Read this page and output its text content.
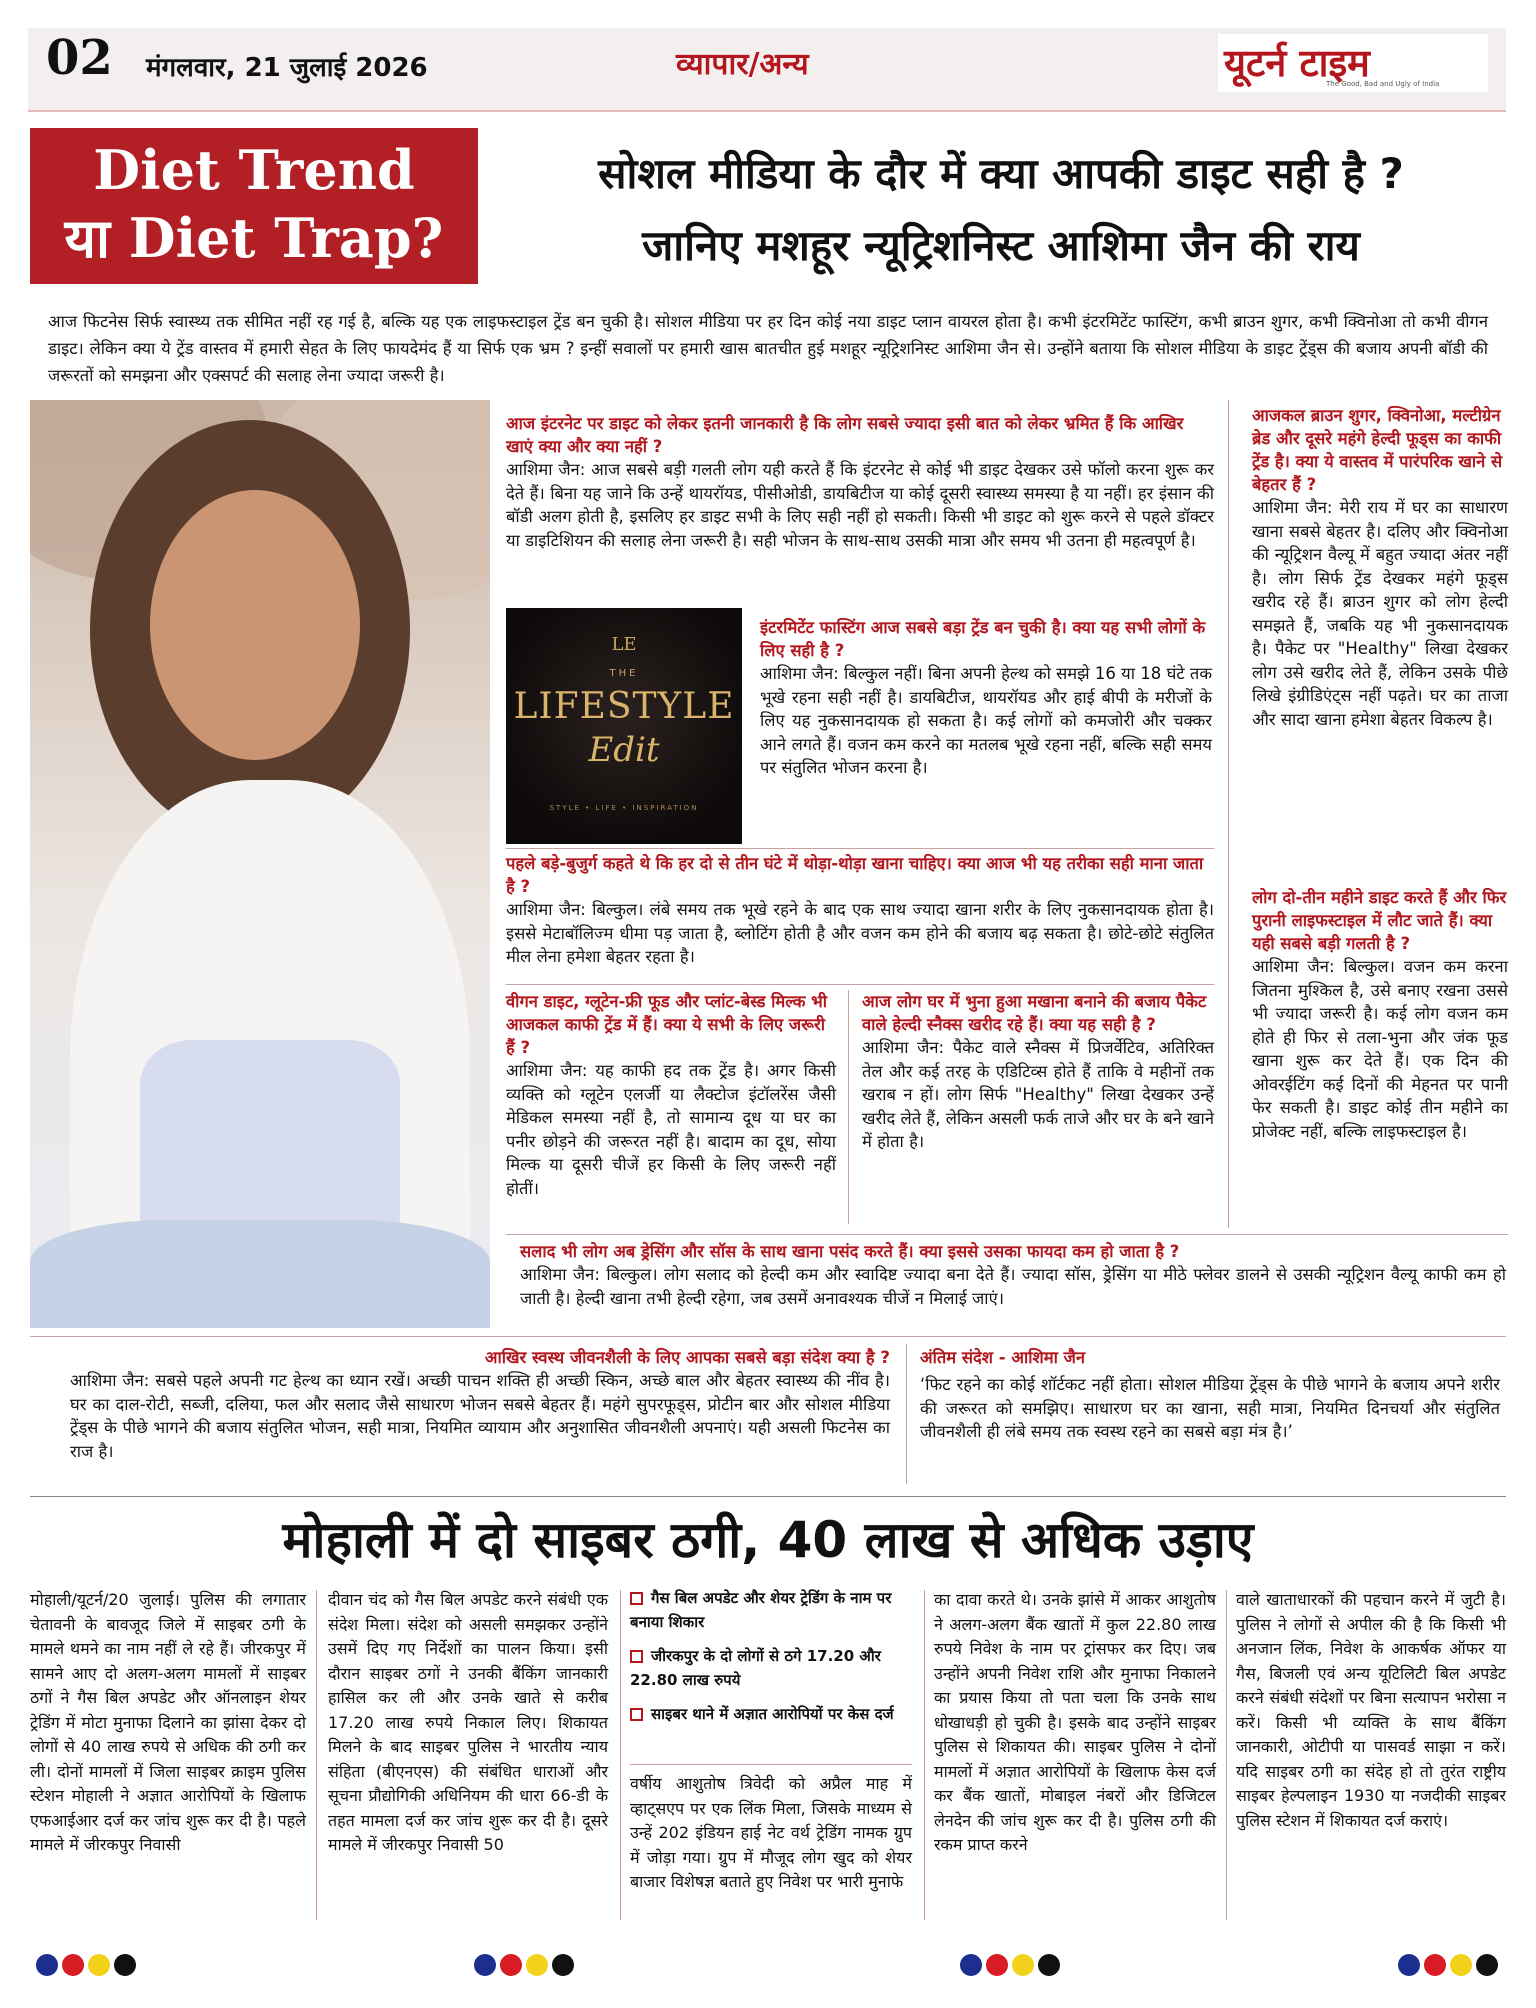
02 मंगलवार, 21 जुलाई 2026	व्यापार/अन्य	यूटर्न टाइम
The Good, Bad and Ugly of India
Diet Trend
या Diet Trap?
सोशल मीडिया के दौर में क्या आपकी डाइट सही है ?
जानिए मशहूर न्यूट्रिशनिस्ट आशिमा जैन की राय

आज फिटनेस सिर्फ स्वास्थ्य तक सीमित नहीं रह गई है, बल्कि यह एक लाइफस्टाइल ट्रेंड बन चुकी है। सोशल मीडिया पर हर दिन कोई नया डाइट प्लान वायरल होता है। कभी इंटरमिटेंट फास्टिंग, कभी ब्राउन शुगर, कभी क्विनोआ तो कभी वीगन डाइट। लेकिन क्या ये ट्रेंड वास्तव में हमारी सेहत के लिए फायदेमंद हैं या सिर्फ एक भ्रम ? इन्हीं सवालों पर हमारी खास बातचीत हुई मशहूर न्यूट्रिशनिस्ट आशिमा जैन से। उन्होंने बताया कि सोशल मीडिया के डाइट ट्रेंड्स की बजाय अपनी बॉडी की जरूरतों को समझना और एक्सपर्ट की सलाह लेना ज्यादा जरूरी है।

LE
THE
LIFESTYLE
Edit
STYLE • LIFE • INSPIRATION

आज इंटरनेट पर डाइट को लेकर इतनी जानकारी है कि लोग सबसे ज्यादा इसी बात को लेकर भ्रमित हैं कि आखिर खाएं क्या और क्या नहीं ?

आशिमा जैन: आज सबसे बड़ी गलती लोग यही करते हैं कि इंटरनेट से कोई भी डाइट देखकर उसे फॉलो करना शुरू कर देते हैं। बिना यह जाने कि उन्हें थायरॉयड, पीसीओडी, डायबिटीज या कोई दूसरी स्वास्थ्य समस्या है या नहीं। हर इंसान की बॉडी अलग होती है, इसलिए हर डाइट सभी के लिए सही नहीं हो सकती। किसी भी डाइट को शुरू करने से पहले डॉक्टर या डाइटिशियन की सलाह लेना जरूरी है। सही भोजन के साथ-साथ उसकी मात्रा और समय भी उतना ही महत्वपूर्ण है।

इंटरमिटेंट फास्टिंग आज सबसे बड़ा ट्रेंड बन चुकी है। क्या यह सभी लोगों के लिए सही है ?

आशिमा जैन: बिल्कुल नहीं। बिना अपनी हेल्थ को समझे 16 या 18 घंटे तक भूखे रहना सही नहीं है। डायबिटीज, थायरॉयड और हाई बीपी के मरीजों के लिए यह नुकसानदायक हो सकता है। कई लोगों को कमजोरी और चक्कर आने लगते हैं। वजन कम करने का मतलब भूखे रहना नहीं, बल्कि सही समय पर संतुलित भोजन करना है।

पहले बड़े-बुजुर्ग कहते थे कि हर दो से तीन घंटे में थोड़ा-थोड़ा खाना चाहिए। क्या आज भी यह तरीका सही माना जाता है ?

आशिमा जैन: बिल्कुल। लंबे समय तक भूखे रहने के बाद एक साथ ज्यादा खाना शरीर के लिए नुकसानदायक होता है। इससे मेटाबॉलिज्म धीमा पड़ जाता है, ब्लोटिंग होती है और वजन कम होने की बजाय बढ़ सकता है। छोटे-छोटे संतुलित मील लेना हमेशा बेहतर रहता है।

वीगन डाइट, ग्लूटेन-फ्री फूड और प्लांट-बेस्ड मिल्क भी आजकल काफी ट्रेंड में हैं। क्या ये सभी के लिए जरूरी हैं ?

आशिमा जैन: यह काफी हद तक ट्रेंड है। अगर किसी व्यक्ति को ग्लूटेन एलर्जी या लैक्टोज इंटॉलरेंस जैसी मेडिकल समस्या नहीं है, तो सामान्य दूध या घर का पनीर छोड़ने की जरूरत नहीं है। बादाम का दूध, सोया मिल्क या दूसरी चीजें हर किसी के लिए जरूरी नहीं होतीं।

आज लोग घर में भुना हुआ मखाना बनाने की बजाय पैकेट वाले हेल्दी स्नैक्स खरीद रहे हैं। क्या यह सही है ?

आशिमा जैन: पैकेट वाले स्नैक्स में प्रिजर्वेटिव, अतिरिक्त तेल और कई तरह के एडिटिव्स होते हैं ताकि वे महीनों तक खराब न हों। लोग सिर्फ "Healthy" लिखा देखकर उन्हें खरीद लेते हैं, लेकिन असली फर्क ताजे और घर के बने खाने में होता है।

आजकल ब्राउन शुगर, क्विनोआ, मल्टीग्रेन ब्रेड और दूसरे महंगे हेल्दी फूड्स का काफी ट्रेंड है। क्या ये वास्तव में पारंपरिक खाने से बेहतर हैं ?

आशिमा जैन: मेरी राय में घर का साधारण खाना सबसे बेहतर है। दलिए और क्विनोआ की न्यूट्रिशन वैल्यू में बहुत ज्यादा अंतर नहीं है। लोग सिर्फ ट्रेंड देखकर महंगे फूड्स खरीद रहे हैं। ब्राउन शुगर को लोग हेल्दी समझते हैं, जबकि यह भी नुकसानदायक है। पैकेट पर "Healthy" लिखा देखकर लोग उसे खरीद लेते हैं, लेकिन उसके पीछे लिखे इंग्रीडिएंट्स नहीं पढ़ते। घर का ताजा और सादा खाना हमेशा बेहतर विकल्प है।

लोग दो-तीन महीने डाइट करते हैं और फिर पुरानी लाइफस्टाइल में लौट जाते हैं। क्या यही सबसे बड़ी गलती है ?

आशिमा जैन: बिल्कुल। वजन कम करना जितना मुश्किल है, उसे बनाए रखना उससे भी ज्यादा जरूरी है। कई लोग वजन कम होते ही फिर से तला-भुना और जंक फूड खाना शुरू कर देते हैं। एक दिन की ओवरईटिंग कई दिनों की मेहनत पर पानी फेर सकती है। डाइट कोई तीन महीने का प्रोजेक्ट नहीं, बल्कि लाइफस्टाइल है।

सलाद भी लोग अब ड्रेसिंग और सॉस के साथ खाना पसंद करते हैं। क्या इससे उसका फायदा कम हो जाता है ?

आशिमा जैन: बिल्कुल। लोग सलाद को हेल्दी कम और स्वादिष्ट ज्यादा बना देते हैं। ज्यादा सॉस, ड्रेसिंग या मीठे फ्लेवर डालने से उसकी न्यूट्रिशन वैल्यू काफी कम हो जाती है। हेल्दी खाना तभी हेल्दी रहेगा, जब उसमें अनावश्यक चीजें न मिलाई जाएं।

आखिर स्वस्थ जीवनशैली के लिए आपका सबसे बड़ा संदेश क्या है ?

आशिमा जैन: सबसे पहले अपनी गट हेल्थ का ध्यान रखें। अच्छी पाचन शक्ति ही अच्छी स्किन, अच्छे बाल और बेहतर स्वास्थ्य की नींव है। घर का दाल-रोटी, सब्जी, दलिया, फल और सलाद जैसे साधारण भोजन सबसे बेहतर हैं। महंगे सुपरफूड्स, प्रोटीन बार और सोशल मीडिया ट्रेंड्स के पीछे भागने की बजाय संतुलित भोजन, सही मात्रा, नियमित व्यायाम और अनुशासित जीवनशैली अपनाएं। यही असली फिटनेस का राज है।

अंतिम संदेश - आशिमा जैन

‘फिट रहने का कोई शॉर्टकट नहीं होता। सोशल मीडिया ट्रेंड्स के पीछे भागने के बजाय अपने शरीर की जरूरत को समझिए। साधारण घर का खाना, सही मात्रा, नियमित दिनचर्या और संतुलित जीवनशैली ही लंबे समय तक स्वस्थ रहने का सबसे बड़ा मंत्र है।’

मोहाली में दो साइबर ठगी, 40 लाख से अधिक उड़ाए

मोहाली/यूटर्न/20 जुलाई। पुलिस की लगातार चेतावनी के बावजूद जिले में साइबर ठगी के मामले थमने का नाम नहीं ले रहे हैं। जीरकपुर में सामने आए दो अलग-अलग मामलों में साइबर ठगों ने गैस बिल अपडेट और ऑनलाइन शेयर ट्रेडिंग में मोटा मुनाफा दिलाने का झांसा देकर दो लोगों से 40 लाख रुपये से अधिक की ठगी कर ली। दोनों मामलों में जिला साइबर क्राइम पुलिस स्टेशन मोहाली ने अज्ञात आरोपियों के खिलाफ एफआईआर दर्ज कर जांच शुरू कर दी है। पहले मामले में जीरकपुर निवासी

दीवान चंद को गैस बिल अपडेट करने संबंधी एक संदेश मिला। संदेश को असली समझकर उन्होंने उसमें दिए गए निर्देशों का पालन किया। इसी दौरान साइबर ठगों ने उनकी बैंकिंग जानकारी हासिल कर ली और उनके खाते से करीब 17.20 लाख रुपये निकाल लिए। शिकायत मिलने के बाद साइबर पुलिस ने भारतीय न्याय संहिता (बीएनएस) की संबंधित धाराओं और सूचना प्रौद्योगिकी अधिनियम की धारा 66-डी के तहत मामला दर्ज कर जांच शुरू कर दी है। दूसरे मामले में जीरकपुर निवासी 50

गैस बिल अपडेट और शेयर ट्रेडिंग के नाम पर बनाया शिकार
जीरकपुर के दो लोगों से ठगे 17.20 और 22.80 लाख रुपये
साइबर थाने में अज्ञात आरोपियों पर केस दर्ज

वर्षीय आशुतोष त्रिवेदी को अप्रैल माह में व्हाट्सएप पर एक लिंक मिला, जिसके माध्यम से उन्हें 202 इंडियन हाई नेट वर्थ ट्रेडिंग नामक ग्रुप में जोड़ा गया। ग्रुप में मौजूद लोग खुद को शेयर बाजार विशेषज्ञ बताते हुए निवेश पर भारी मुनाफे

का दावा करते थे। उनके झांसे में आकर आशुतोष ने अलग-अलग बैंक खातों में कुल 22.80 लाख रुपये निवेश के नाम पर ट्रांसफर कर दिए। जब उन्होंने अपनी निवेश राशि और मुनाफा निकालने का प्रयास किया तो पता चला कि उनके साथ धोखाधड़ी हो चुकी है। इसके बाद उन्होंने साइबर पुलिस से शिकायत की। साइबर पुलिस ने दोनों मामलों में अज्ञात आरोपियों के खिलाफ केस दर्ज कर बैंक खातों, मोबाइल नंबरों और डिजिटल लेनदेन की जांच शुरू कर दी है। पुलिस ठगी की रकम प्राप्त करने

वाले खाताधारकों की पहचान करने में जुटी है। पुलिस ने लोगों से अपील की है कि किसी भी अनजान लिंक, निवेश के आकर्षक ऑफर या गैस, बिजली एवं अन्य यूटिलिटी बिल अपडेट करने संबंधी संदेशों पर बिना सत्यापन भरोसा न करें। किसी भी व्यक्ति के साथ बैंकिंग जानकारी, ओटीपी या पासवर्ड साझा न करें। यदि साइबर ठगी का संदेह हो तो तुरंत राष्ट्रीय साइबर हेल्पलाइन 1930 या नजदीकी साइबर पुलिस स्टेशन में शिकायत दर्ज कराएं।
